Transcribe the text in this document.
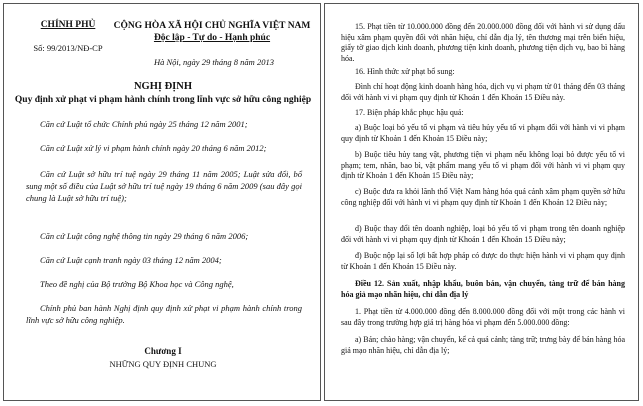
CHÍNH PHỦ
Số: 99/2013/NĐ-CP
CỘNG HÒA XÃ HỘI CHỦ NGHĨA VIỆT NAM
Độc lập - Tự do - Hạnh phúc
Hà Nội, ngày 29 tháng 8 năm 2013
NGHỊ ĐỊNH
Quy định xử phạt vi phạm hành chính trong lĩnh vực sở hữu công nghiệp
Căn cứ Luật tổ chức Chính phủ ngày 25 tháng 12 năm 2001;
Căn cứ Luật xử lý vi phạm hành chính ngày 20 tháng 6 năm 2012;
Căn cứ Luật sở hữu trí tuệ ngày 29 tháng 11 năm 2005; Luật sửa đổi, bổ sung một số điều của Luật sở hữu trí tuệ ngày 19 tháng 6 năm 2009 (sau đây gọi chung là Luật sở hữu trí tuệ);
Căn cứ Luật công nghệ thông tin ngày 29 tháng 6 năm 2006;
Căn cứ Luật cạnh tranh ngày 03 tháng 12 năm 2004;
Theo đề nghị của Bộ trưởng Bộ Khoa học và Công nghệ,
Chính phủ ban hành Nghị định quy định xử phạt vi phạm hành chính trong lĩnh vực sở hữu công nghiệp.
Chương I
NHỮNG QUY ĐỊNH CHUNG
15. Phạt tiền từ 10.000.000 đồng đến 20.000.000 đồng đối với hành vi sử dụng dấu hiệu xâm phạm quyền đối với nhãn hiệu, chỉ dẫn địa lý, tên thương mại trên biển hiệu, giấy tờ giao dịch kinh doanh, phương tiện kinh doanh, phương tiện dịch vụ, bao bì hàng hóa.
16. Hình thức xử phạt bổ sung:
Đình chỉ hoạt động kinh doanh hàng hóa, dịch vụ vi phạm từ 01 tháng đến 03 tháng đối với hành vi vi phạm quy định từ Khoản 1 đến Khoản 15 Điều này.
17. Biện pháp khắc phục hậu quả:
a) Buộc loại bỏ yếu tố vi phạm và tiêu hủy yếu tố vi phạm đối với hành vi vi phạm quy định từ Khoản 1 đến Khoản 15 Điều này;
b) Buộc tiêu hủy tang vật, phương tiện vi phạm nếu không loại bỏ được yếu tố vi phạm; tem, nhãn, bao bì, vật phẩm mang yếu tố vi phạm đối với hành vi vi phạm quy định từ Khoản 1 đến Khoản 15 Điều này;
c) Buộc đưa ra khỏi lãnh thổ Việt Nam hàng hóa quá cảnh xâm phạm quyền sở hữu công nghiệp đối với hành vi vi phạm quy định từ Khoản 1 đến Khoản 12 Điều này;
d) Buộc thay đổi tên doanh nghiệp, loại bỏ yếu tố vi phạm trong tên doanh nghiệp đối với hành vi vi phạm quy định từ Khoản 1 đến Khoản 15 Điều này;
đ) Buộc nộp lại số lợi bất hợp pháp có được do thực hiện hành vi vi phạm quy định từ Khoản 1 đến Khoản 15 Điều này.
Điều 12. Sản xuất, nhập khẩu, buôn bán, vận chuyển, tàng trữ để bán hàng hóa giả mạo nhãn hiệu, chỉ dẫn địa lý
1. Phạt tiền từ 4.000.000 đồng đến 8.000.000 đồng đối với một trong các hành vi sau đây trong trường hợp giá trị hàng hóa vi phạm đến 5.000.000 đồng:
a) Bán; chào hàng; vận chuyển, kể cả quá cảnh; tàng trữ; trưng bày để bán hàng hóa giả mạo nhãn hiệu, chỉ dẫn địa lý;
